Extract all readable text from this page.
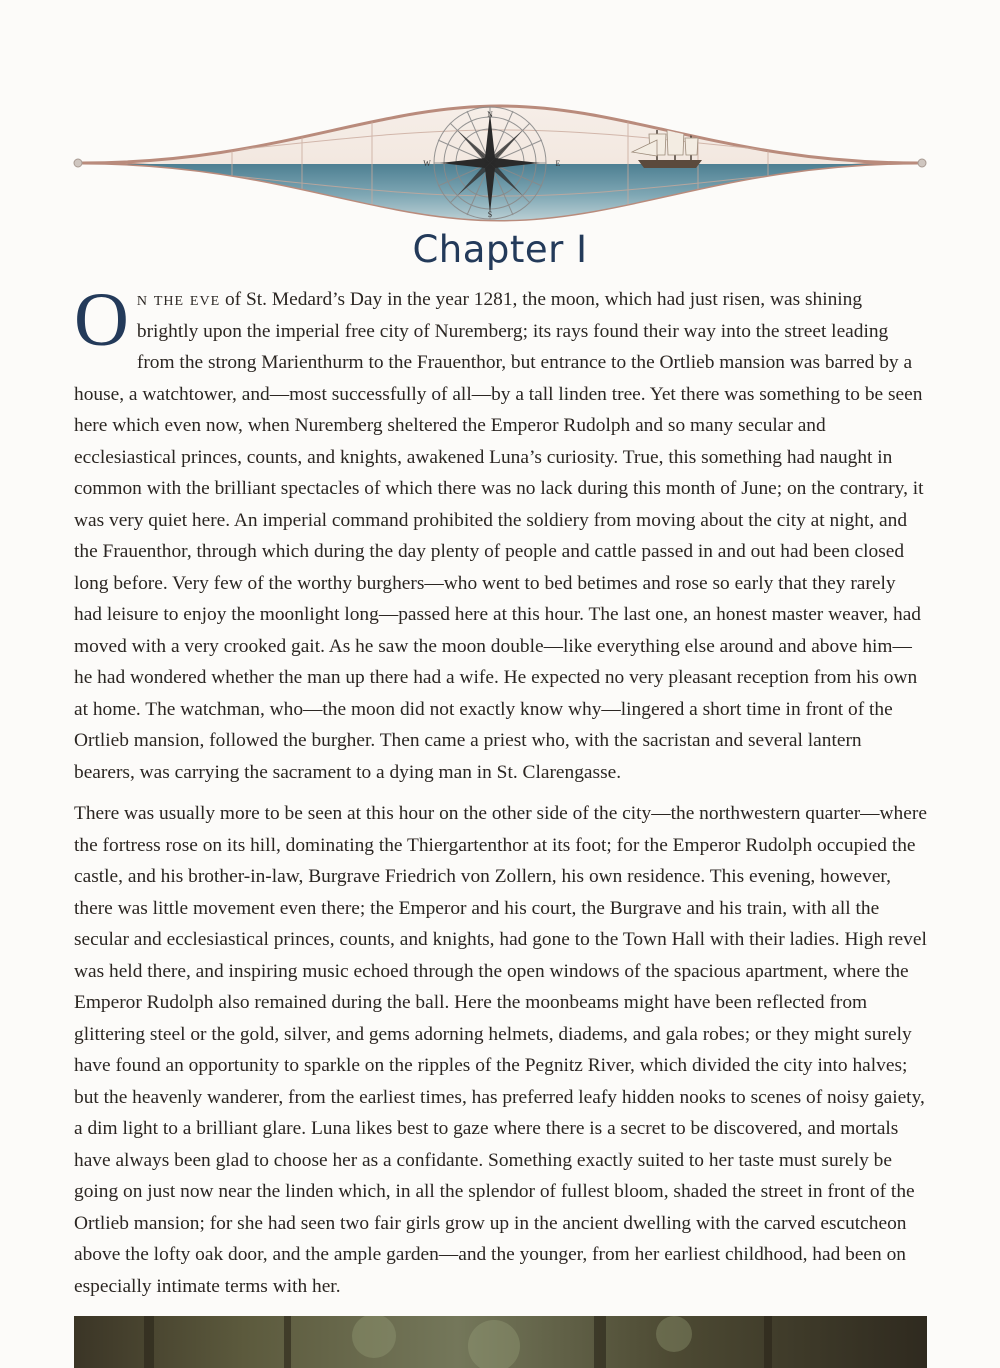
N
S
W	E
Chapter I

On the eve of St. Medard’s Day in the year 1281, the moon, which had just risen, was shining brightly upon the imperial free city of Nuremberg; its rays found their way into the street leading from the strong Marienthurm to the Frauenthor, but entrance to the Ortlieb mansion was barred by a house, a watchtower, and—most successfully of all—by a tall linden tree. Yet there was something to be seen here which even now, when Nuremberg sheltered the Emperor Rudolph and so many secular and ecclesiastical princes, counts, and knights, awakened Luna’s curiosity. True, this something had naught in common with the brilliant spectacles of which there was no lack during this month of June; on the contrary, it was very quiet here. An imperial command prohibited the soldiery from moving about the city at night, and the Frauenthor, through which during the day plenty of people and cattle passed in and out had been closed long before. Very few of the worthy burghers—who went to bed betimes and rose so early that they rarely had leisure to enjoy the moonlight long—passed here at this hour. The last one, an honest master weaver, had moved with a very crooked gait. As he saw the moon double—like everything else around and above him—he had wondered whether the man up there had a wife. He expected no very pleasant reception from his own at home. The watchman, who—the moon did not exactly know why—lingered a short time in front of the Ortlieb mansion, followed the burgher. Then came a priest who, with the sacristan and several lantern bearers, was carrying the sacrament to a dying man in St. Clarengasse.

There was usually more to be seen at this hour on the other side of the city—the northwestern quarter—where the fortress rose on its hill, dominating the Thiergartenthor at its foot; for the Emperor Rudolph occupied the castle, and his brother-in-law, Burgrave Friedrich von Zollern, his own residence. This evening, however, there was little movement even there; the Emperor and his court, the Burgrave and his train, with all the secular and ecclesiastical princes, counts, and knights, had gone to the Town Hall with their ladies. High revel was held there, and inspiring music echoed through the open windows of the spacious apartment, where the Emperor Rudolph also remained during the ball. Here the moonbeams might have been reflected from glittering steel or the gold, silver, and gems adorning helmets, diadems, and gala robes; or they might surely have found an opportunity to sparkle on the ripples of the Pegnitz River, which divided the city into halves; but the heavenly wanderer, from the earliest times, has preferred leafy hidden nooks to scenes of noisy gaiety, a dim light to a brilliant glare. Luna likes best to gaze where there is a secret to be discovered, and mortals have always been glad to choose her as a confidante. Something exactly suited to her taste must surely be going on just now near the linden which, in all the splendor of fullest bloom, shaded the street in front of the Ortlieb mansion; for she had seen two fair girls grow up in the ancient dwelling with the carved escutcheon above the lofty oak door, and the ample garden—and the younger, from her earliest childhood, had been on especially intimate terms with her.
